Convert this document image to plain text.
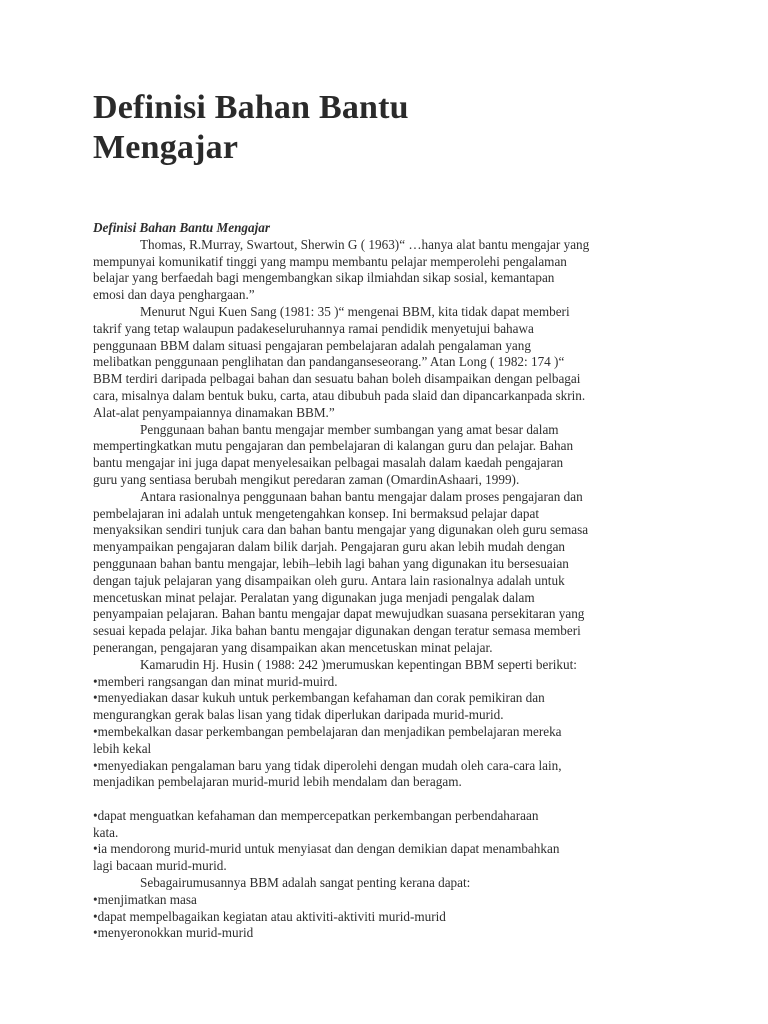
Definisi Bahan Bantu
Mengajar
Definisi Bahan Bantu Mengajar
Thomas, R.Murray, Swartout, Sherwin G ( 1963)“ …hanya alat bantu mengajar yang
mempunyai komunikatif tinggi yang mampu membantu pelajar memperolehi pengalaman
belajar yang berfaedah bagi mengembangkan sikap ilmiahdan sikap sosial, kemantapan
emosi dan daya penghargaan.”
Menurut Ngui Kuen Sang (1981: 35 )“ mengenai BBM, kita tidak dapat memberi
takrif yang tetap walaupun padakeseluruhannya ramai pendidik menyetujui bahawa
penggunaan BBM dalam situasi pengajaran pembelajaran adalah pengalaman yang
melibatkan penggunaan penglihatan dan pandanganseseorang.” Atan Long ( 1982: 174 )“
BBM terdiri daripada pelbagai bahan dan sesuatu bahan boleh disampaikan dengan pelbagai
cara, misalnya dalam bentuk buku, carta, atau dibubuh pada slaid dan dipancarkanpada skrin.
Alat-alat penyampaiannya dinamakan BBM.”
Penggunaan bahan bantu mengajar member sumbangan yang amat besar dalam
mempertingkatkan mutu pengajaran dan pembelajaran di kalangan guru dan pelajar. Bahan
bantu mengajar ini juga dapat menyelesaikan pelbagai masalah dalam kaedah pengajaran
guru yang sentiasa berubah mengikut peredaran zaman (OmardinAshaari, 1999).
Antara rasionalnya penggunaan bahan bantu mengajar dalam proses pengajaran dan
pembelajaran ini adalah untuk mengetengahkan konsep. Ini bermaksud pelajar dapat
menyaksikan sendiri tunjuk cara dan bahan bantu mengajar yang digunakan oleh guru semasa
menyampaikan pengajaran dalam bilik darjah. Pengajaran guru akan lebih mudah dengan
penggunaan bahan bantu mengajar, lebih–lebih lagi bahan yang digunakan itu bersesuaian
dengan tajuk pelajaran yang disampaikan oleh guru. Antara lain rasionalnya adalah untuk
mencetuskan minat pelajar. Peralatan yang digunakan juga menjadi pengalak dalam
penyampaian pelajaran. Bahan bantu mengajar dapat mewujudkan suasana persekitaran yang
sesuai kepada pelajar. Jika bahan bantu mengajar digunakan dengan teratur semasa memberi
penerangan, pengajaran yang disampaikan akan mencetuskan minat pelajar.
Kamarudin Hj. Husin ( 1988: 242 )merumuskan kepentingan BBM seperti berikut:
•memberi rangsangan dan minat murid-muird.
•menyediakan dasar kukuh untuk perkembangan kefahaman dan corak pemikiran dan
mengurangkan gerak balas lisan yang tidak diperlukan daripada murid-murid.
•membekalkan dasar perkembangan pembelajaran dan menjadikan pembelajaran mereka
lebih kekal
•menyediakan pengalaman baru yang tidak diperolehi dengan mudah oleh cara-cara lain,
menjadikan pembelajaran murid-murid lebih mendalam dan beragam.
•dapat menguatkan kefahaman dan mempercepatkan perkembangan perbendaharaan
kata.
•ia mendorong murid-murid untuk menyiasat dan dengan demikian dapat menambahkan
lagi bacaan murid-murid.
Sebagairumusannya BBM adalah sangat penting kerana dapat:
•menjimatkan masa
•dapat mempelbagaikan kegiatan atau aktiviti-aktiviti murid-murid
•menyeronokkan murid-murid
